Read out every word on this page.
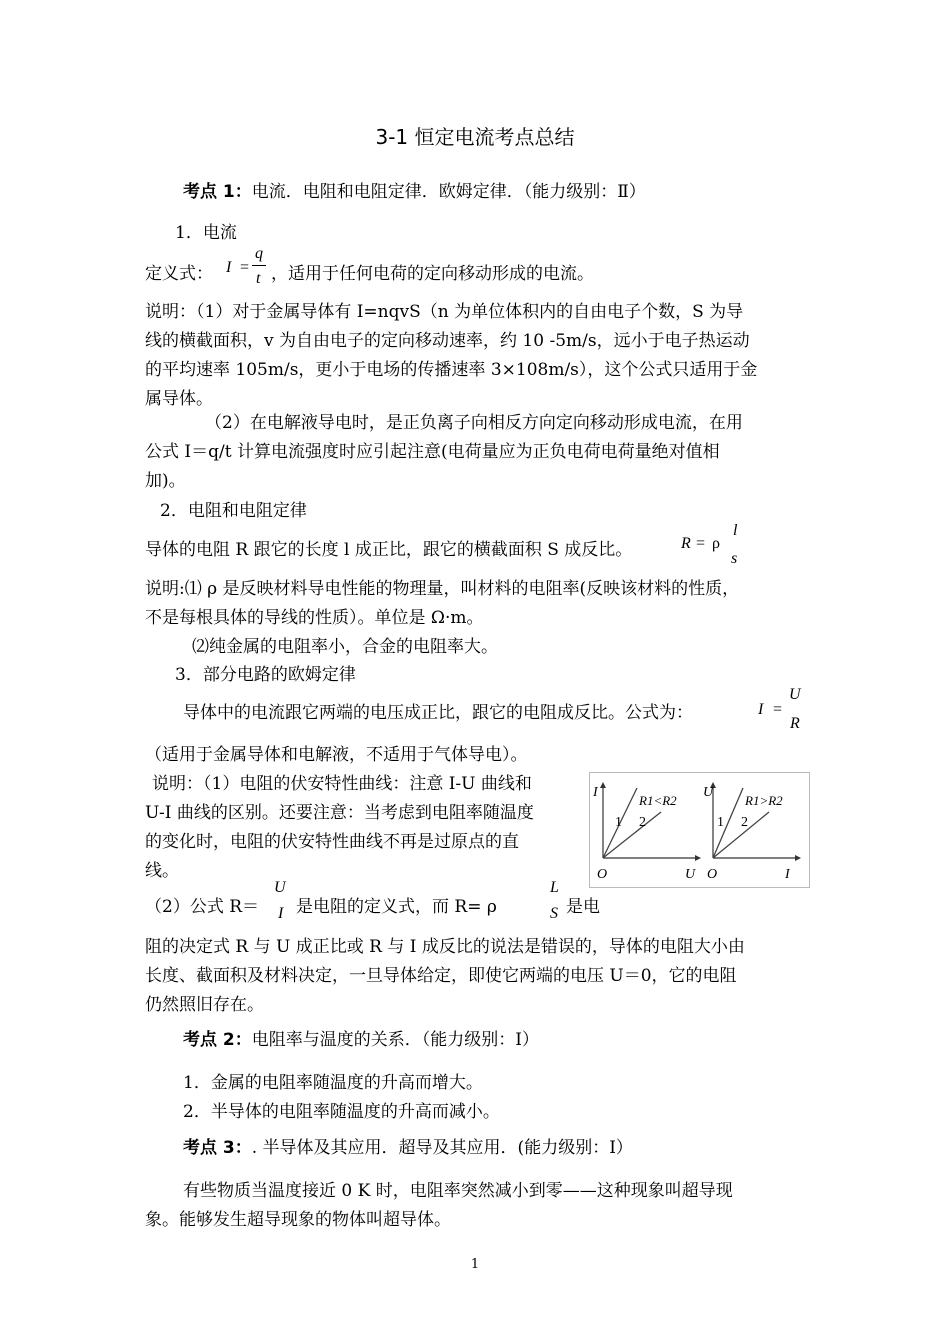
3-1 恒定电流考点总结
考点 1：电流．电阻和电阻定律．欧姆定律．（能力级别：Ⅱ）
1．电流
定义式： I =
q
t ，适用于任何电荷的定向移动形成的电流。
说明：（1）对于金属导体有 I=nqvS（n 为单位体积内的自由电子个数，S 为导
线的横截面积，v 为自由电子的定向移动速率，约 10 -5m/s，远小于电子热运动
的平均速率 105m/s，更小于电场的传播速率 3×108m/s），这个公式只适用于金
属导体。
（2）在电解液导电时，是正负离子向相反方向定向移动形成电流，在用
公式 I＝q/t 计算电流强度时应引起注意(电荷量应为正负电荷电荷量绝对值相
加)。
2．电阻和电阻定律
导体的电阻 R 跟它的长度 l 成正比，跟它的横截面积 S 成反比。	R = ρ
l
s
说明:⑴ ρ 是反映材料导电性能的物理量，叫材料的电阻率(反映该材料的性质，
不是每根具体的导线的性质）。单位是 Ω·m。
⑵纯金属的电阻率小，合金的电阻率大。
3．部分电路的欧姆定律
导体中的电流跟它两端的电压成正比，跟它的电阻成反比。公式为：	I =
U
R
（适用于金属导体和电解液，不适用于气体导电）。
说明：（1）电阻的伏安特性曲线：注意 I-U 曲线和
U-I 曲线的区别。还要注意：当考虑到电阻率随温度
的变化时，电阻的伏安特性曲线不再是过原点的直
线。
I
U
O
1 2
R1<R2
U
I
O
1 2
R1>R2
（2）公式 R＝
U
I 是电阻的定义式，而 R= ρ
L
S 是电
阻的决定式 R 与 U 成正比或 R 与 I 成反比的说法是错误的，导体的电阻大小由
长度、截面积及材料决定，一旦导体给定，即使它两端的电压 U＝0，它的电阻
仍然照旧存在。
考点 2：电阻率与温度的关系．（能力级别：Ⅰ）
1．金属的电阻率随温度的升高而增大。
2．半导体的电阻率随温度的升高而减小。
考点 3：. 半导体及其应用．超导及其应用．(能力级别：Ⅰ）
有些物质当温度接近 0 K 时，电阻率突然减小到零——这种现象叫超导现
象。能够发生超导现象的物体叫超导体。
1
